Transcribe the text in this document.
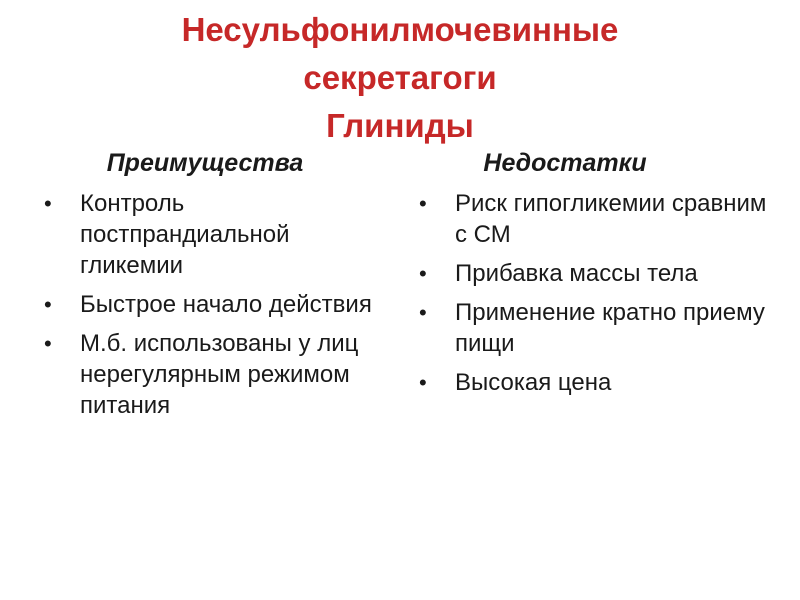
Несульфонилмочевинные
секретагоги
Глиниды
Преимущества
• Контроль постпрандиальной гликемии
• Быстрое начало действия
• М.б. использованы у лиц нерегулярным режимом питания
Недостатки
• Риск гипогликемии сравним с СМ
• Прибавка массы тела
• Применение кратно приему пищи
• Высокая цена
